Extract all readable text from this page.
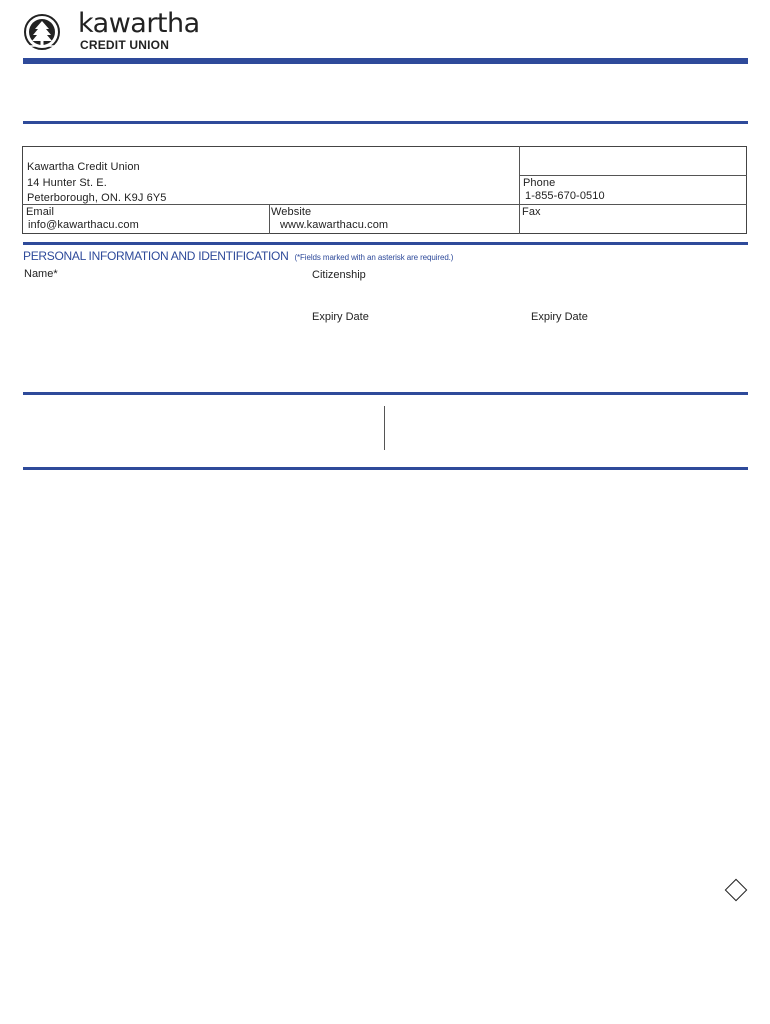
kawartha
CREDIT UNION
Kawartha Credit Union
14 Hunter St. E.
Peterborough, ON. K9J 6Y5
Phone
1-855-670-0510
Email
info@kawarthacu.com
Website
www.kawarthacu.com
Fax
PERSONAL INFORMATION AND IDENTIFICATION (*Fields marked with an asterisk are required.)
Name*	Citizenship
Expiry Date	Expiry Date
